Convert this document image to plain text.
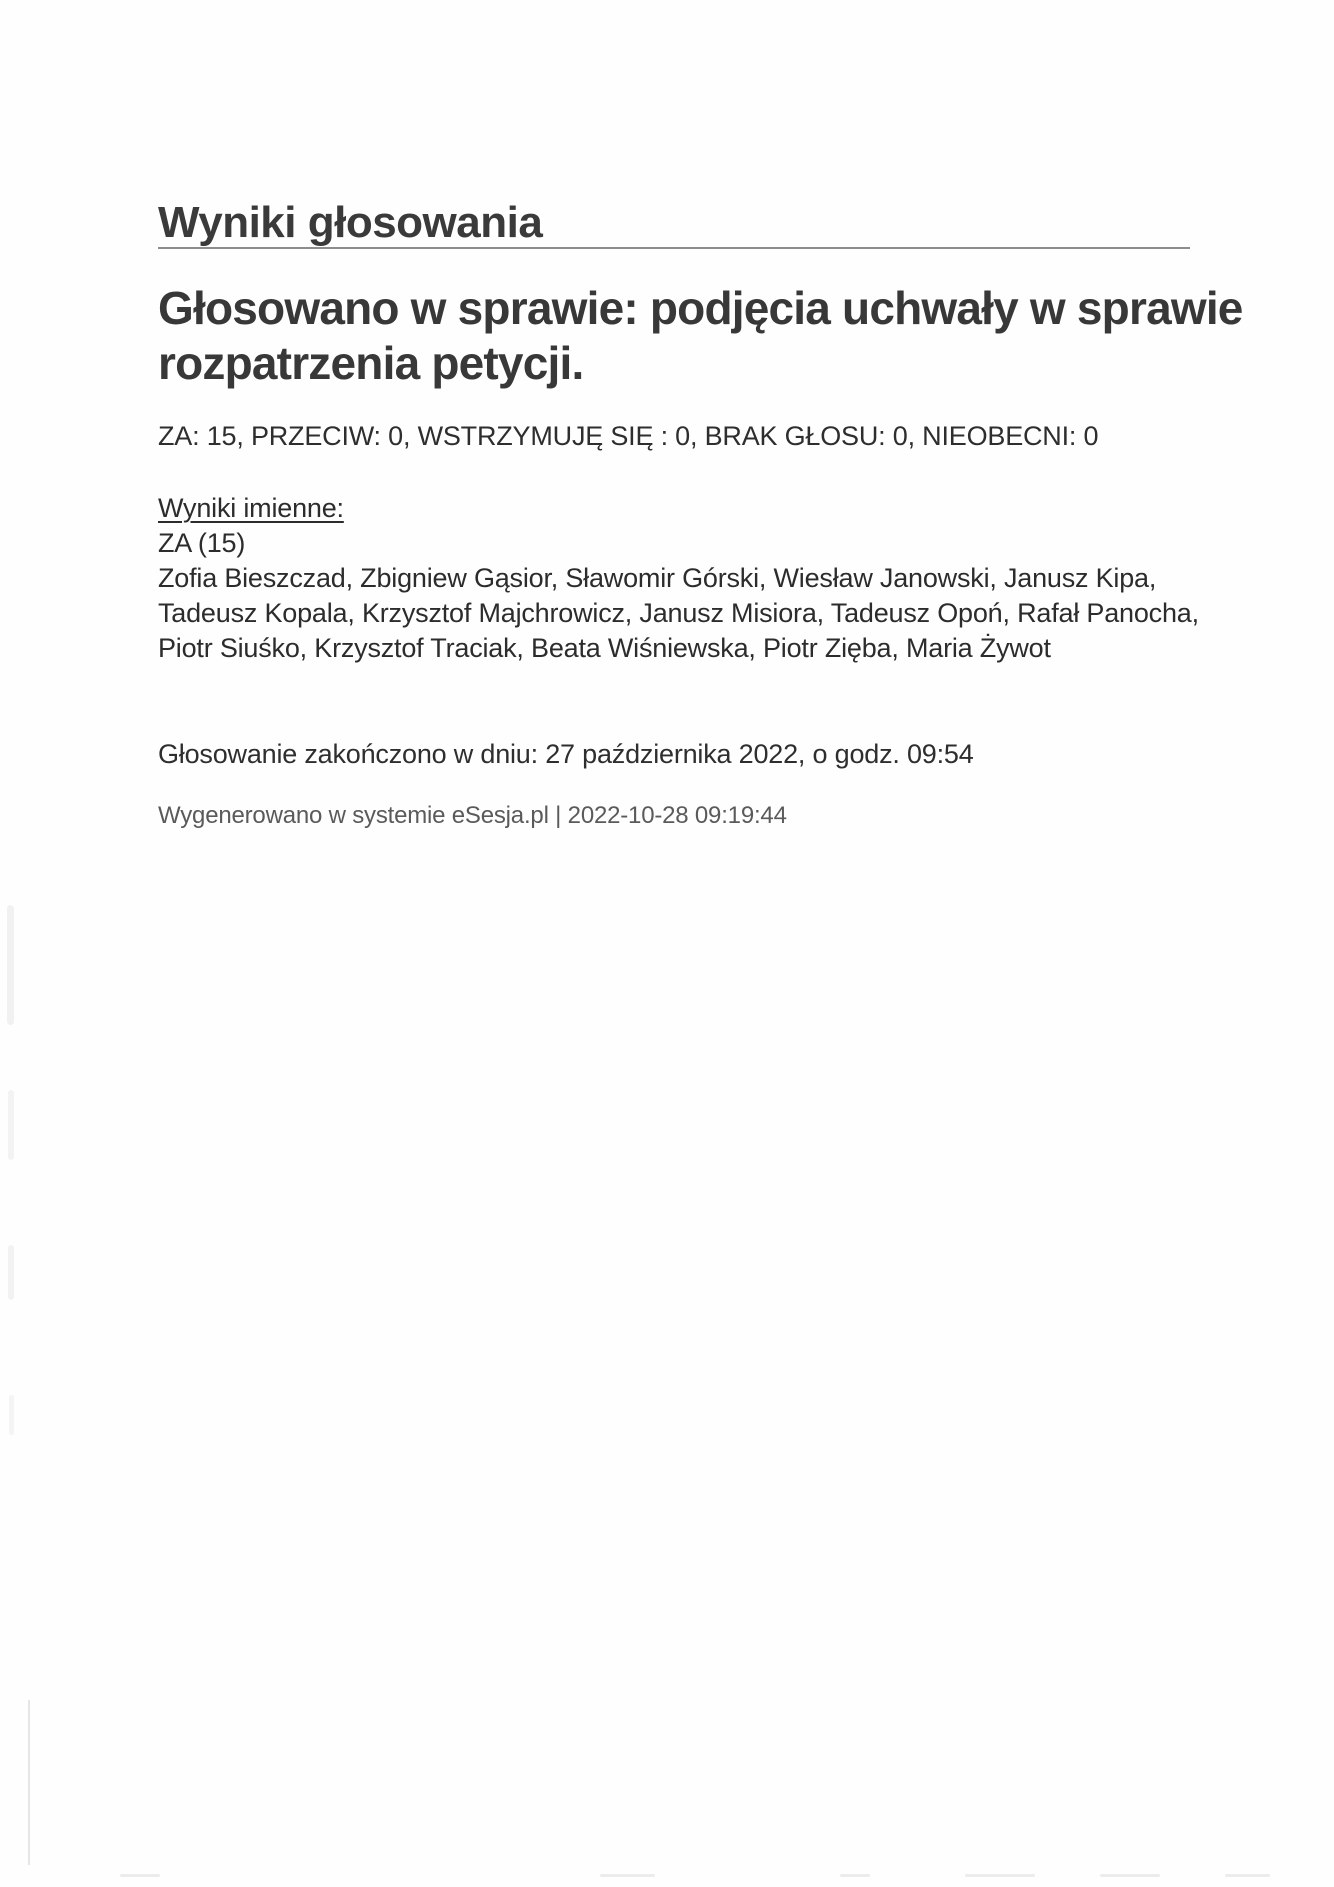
Wyniki głosowania
Głosowano w sprawie: podjęcia uchwały w sprawie
rozpatrzenia petycji.
ZA: 15, PRZECIW: 0, WSTRZYMUJĘ SIĘ : 0, BRAK GŁOSU: 0, NIEOBECNI: 0
Wyniki imienne:
ZA (15)
Zofia Bieszczad, Zbigniew Gąsior, Sławomir Górski, Wiesław Janowski, Janusz Kipa,
Tadeusz Kopala, Krzysztof Majchrowicz, Janusz Misiora, Tadeusz Opoń, Rafał Panocha,
Piotr Siuśko, Krzysztof Traciak, Beata Wiśniewska, Piotr Zięba, Maria Żywot
Głosowanie zakończono w dniu: 27 października 2022, o godz. 09:54
Wygenerowano w systemie eSesja.pl | 2022-10-28 09:19:44
